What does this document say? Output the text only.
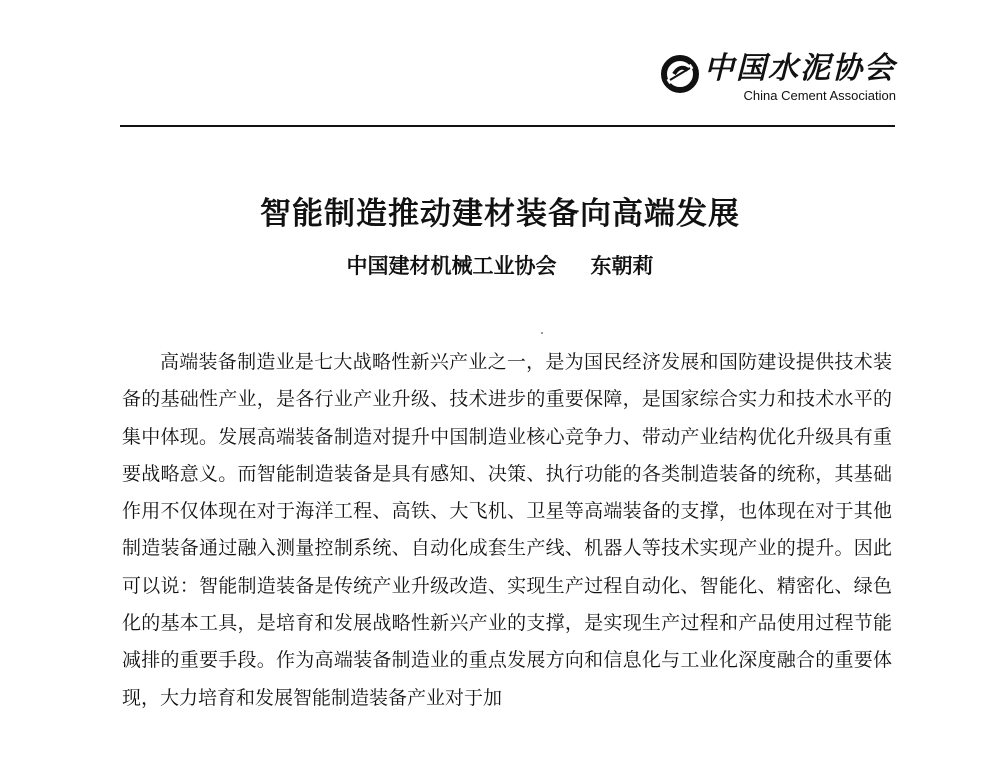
中国水泥协会
China Cement Association
智能制造推动建材装备向高端发展
中国建材机械工业协会 东朝莉

高端装备制造业是七大战略性新兴产业之一，是为国民经济发展和国防建设提供技术装备的基础性产业，是各行业产业升级、技术进步的重要保障，是国家综合实力和技术水平的集中体现。发展高端装备制造对提升中国制造业核心竞争力、带动产业结构优化升级具有重要战略意义。而智能制造装备是具有感知、决策、执行功能的各类制造装备的统称，其基础作用不仅体现在对于海洋工程、高铁、大飞机、卫星等高端装备的支撑，也体现在对于其他制造装备通过融入测量控制系统、自动化成套生产线、机器人等技术实现产业的提升。因此可以说：智能制造装备是传统产业升级改造、实现生产过程自动化、智能化、精密化、绿色化的基本工具，是培育和发展战略性新兴产业的支撑，是实现生产过程和产品使用过程节能减排的重要手段。作为高端装备制造业的重点发展方向和信息化与工业化深度融合的重要体现，大力培育和发展智能制造装备产业对于加
